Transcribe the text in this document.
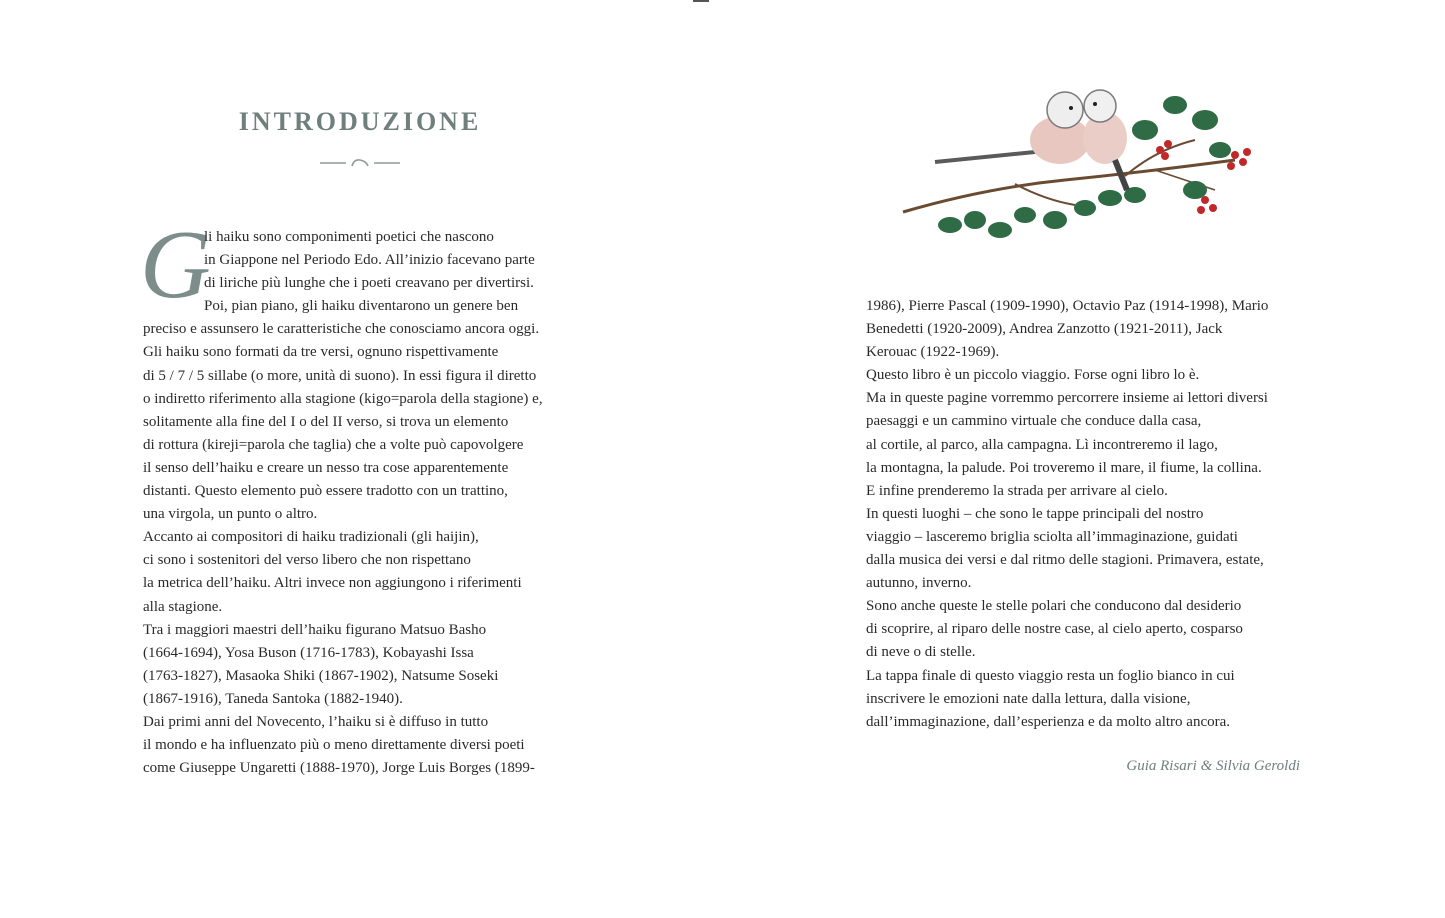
INTRODUZIONE
G
li haiku sono componimenti poetici che nascono
in Giappone nel Periodo Edo. All’inizio facevano parte
di liriche più lunghe che i poeti creavano per divertirsi.
Poi, pian piano, gli haiku diventarono un genere ben
preciso e assunsero le caratteristiche che conosciamo ancora oggi.
Gli haiku sono formati da tre versi, ognuno rispettivamente
di 5 / 7 / 5 sillabe (o more, unità di suono). In essi figura il diretto
o indiretto riferimento alla stagione (kigo=parola della stagione) e,
solitamente alla fine del I o del II verso, si trova un elemento
di rottura (kireji=parola che taglia) che a volte può capovolgere
il senso dell’haiku e creare un nesso tra cose apparentemente
distanti. Questo elemento può essere tradotto con un trattino,
una virgola, un punto o altro.
Accanto ai compositori di haiku tradizionali (gli haijin),
ci sono i sostenitori del verso libero che non rispettano
la metrica dell’haiku. Altri invece non aggiungono i riferimenti
alla stagione.
Tra i maggiori maestri dell’haiku figurano Matsuo Basho
(1664-1694), Yosa Buson (1716-1783), Kobayashi Issa
(1763-1827), Masaoka Shiki (1867-1902), Natsume Soseki
(1867-1916), Taneda Santoka (1882-1940).
Dai primi anni del Novecento, l’haiku si è diffuso in tutto
il mondo e ha influenzato più o meno direttamente diversi poeti
come Giuseppe Ungaretti (1888-1970), Jorge Luis Borges (1899-
1986), Pierre Pascal (1909-1990), Octavio Paz (1914-1998), Mario
Benedetti (1920-2009), Andrea Zanzotto (1921-2011), Jack
Kerouac (1922-1969).
Questo libro è un piccolo viaggio. Forse ogni libro lo è.
Ma in queste pagine vorremmo percorrere insieme ai lettori diversi
paesaggi e un cammino virtuale che conduce dalla casa,
al cortile, al parco, alla campagna. Lì incontreremo il lago,
la montagna, la palude. Poi troveremo il mare, il fiume, la collina.
E infine prenderemo la strada per arrivare al cielo.
In questi luoghi – che sono le tappe principali del nostro
viaggio – lasceremo briglia sciolta all’immaginazione, guidati
dalla musica dei versi e dal ritmo delle stagioni. Primavera, estate,
autunno, inverno.
Sono anche queste le stelle polari che conducono dal desiderio
di scoprire, al riparo delle nostre case, al cielo aperto, cosparso
di neve o di stelle.
La tappa finale di questo viaggio resta un foglio bianco in cui
inscrivere le emozioni nate dalla lettura, dalla visione,
dall’immaginazione, dall’esperienza e da molto altro ancora.
Guia Risari & Silvia Geroldi
